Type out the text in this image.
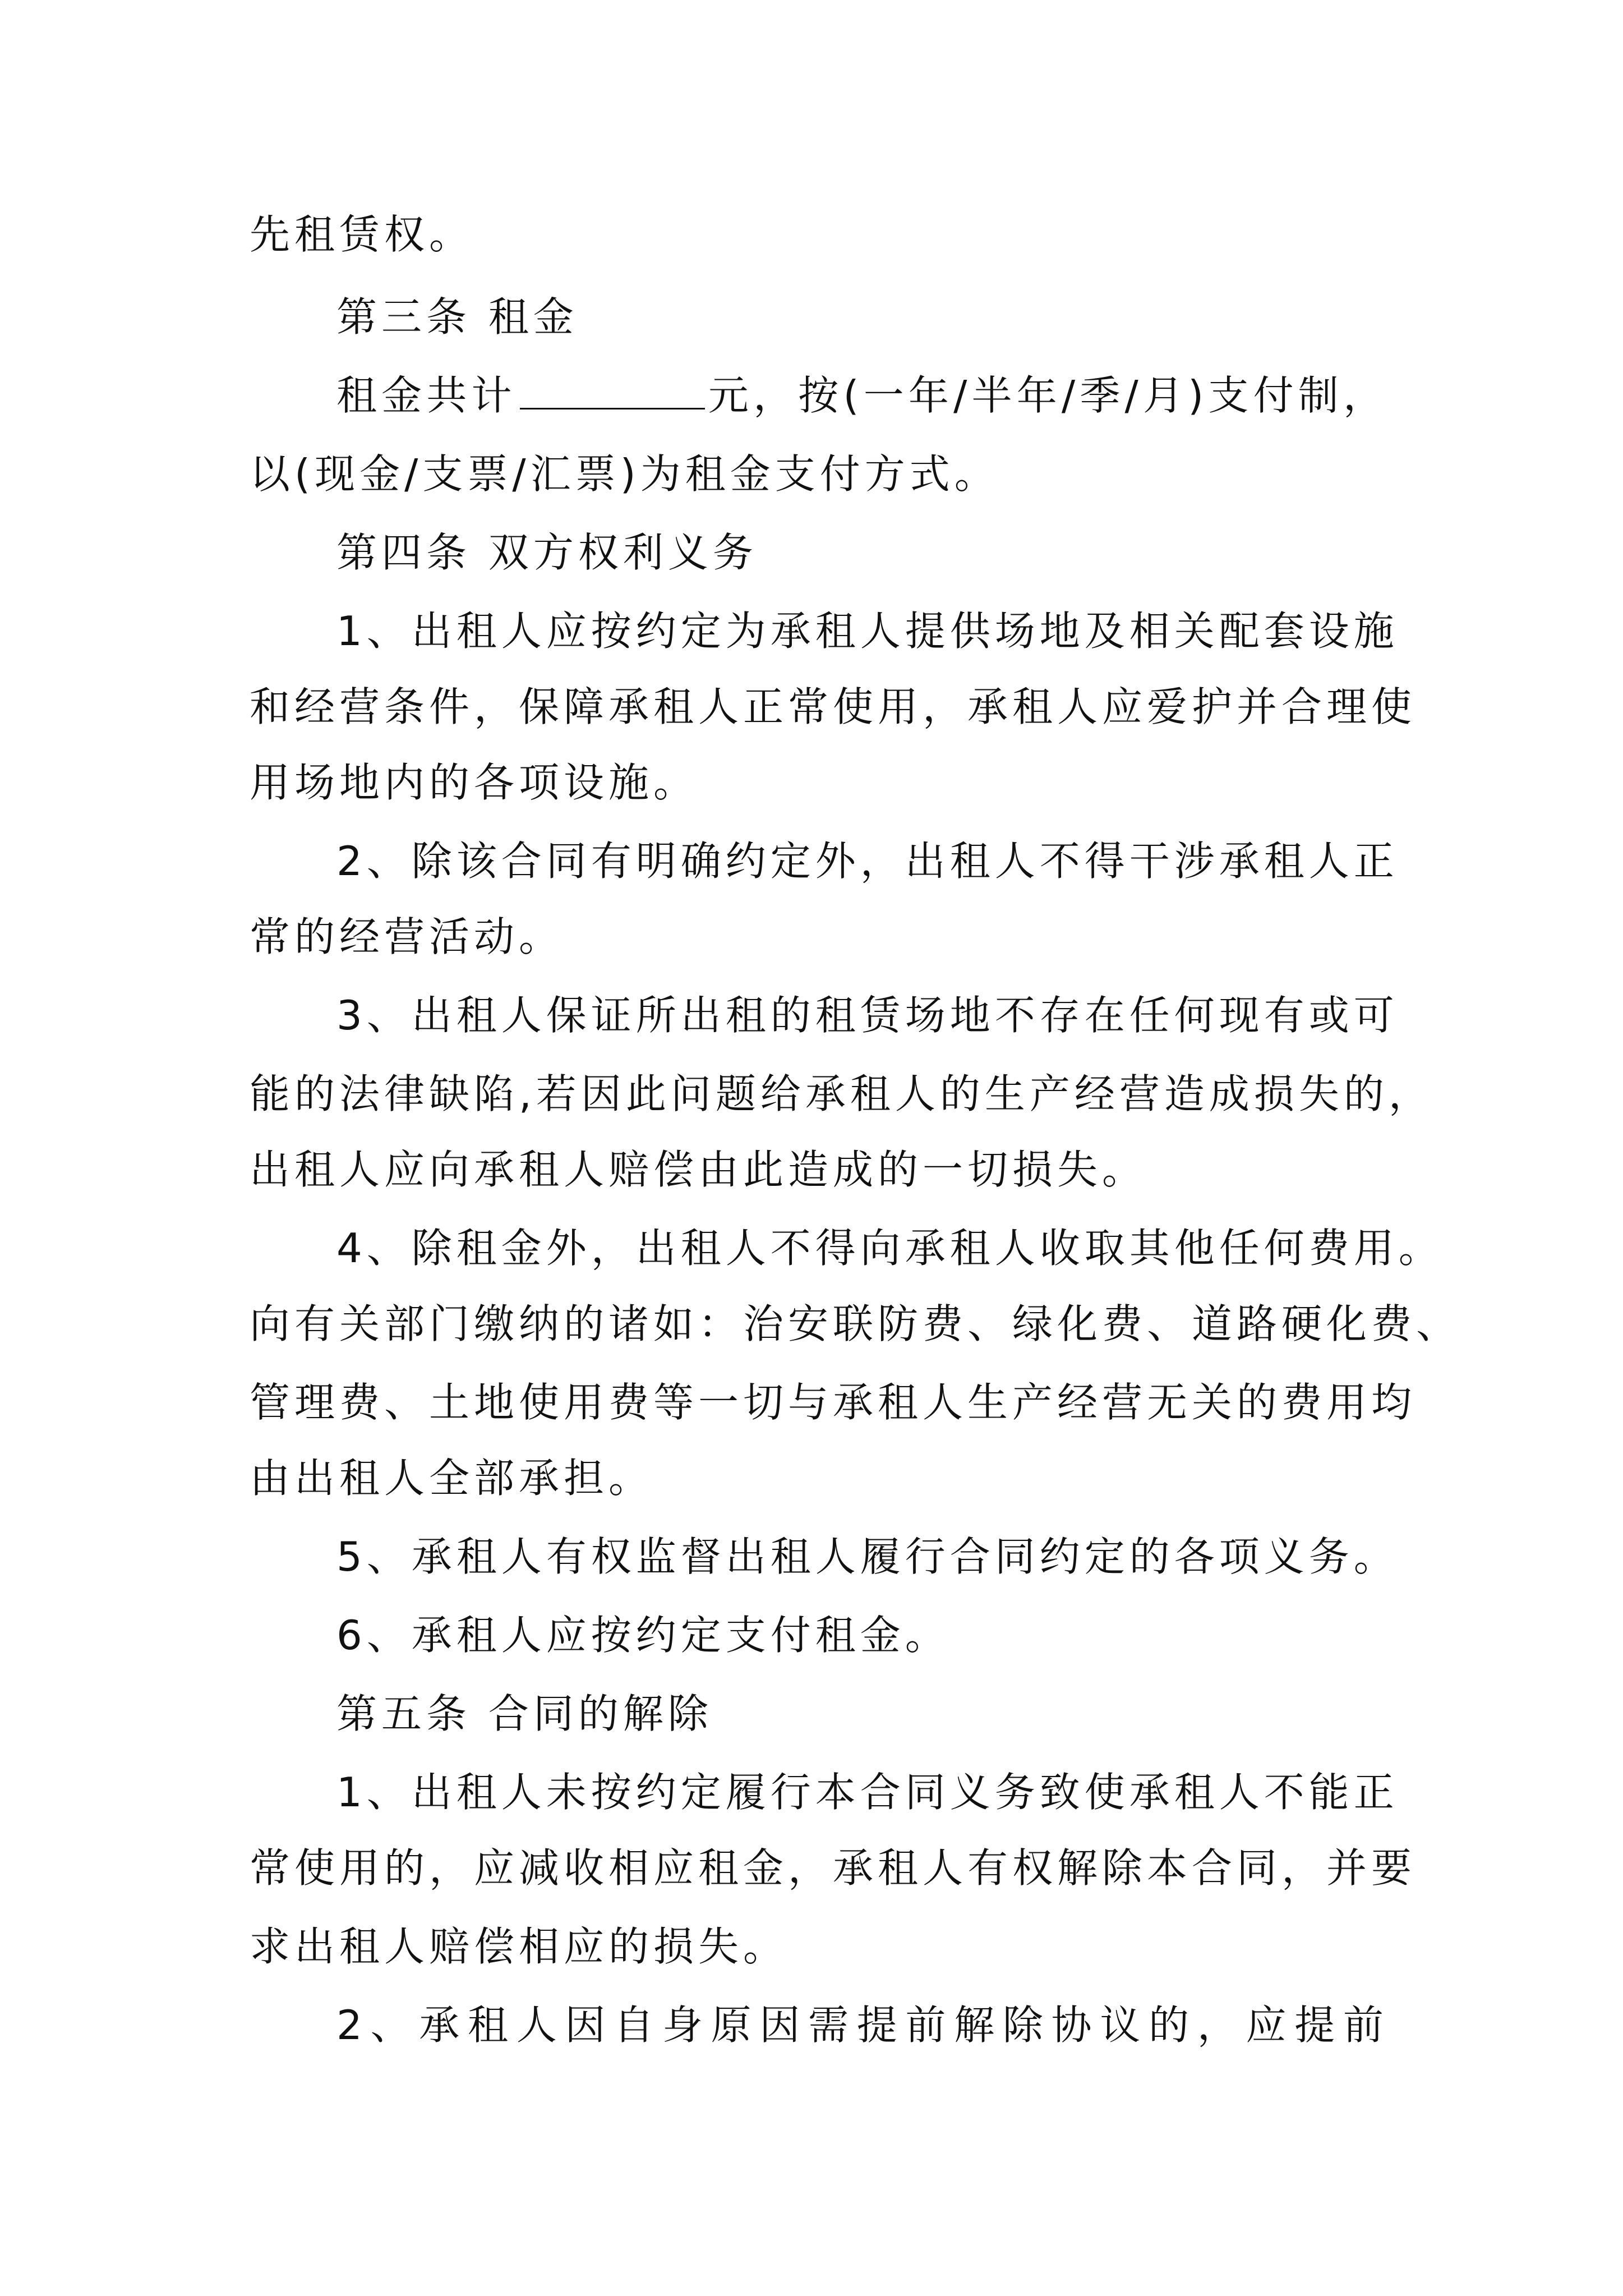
先租赁权。
第三条 租金
租金共计	元，按(一年/半年/季/月)支付制，
以(现金/支票/汇票)为租金支付方式。
第四条 双方权利义务
1、出租人应按约定为承租人提供场地及相关配套设施
和经营条件，保障承租人正常使用，承租人应爱护并合理使
用场地内的各项设施。
2、除该合同有明确约定外，出租人不得干涉承租人正
常的经营活动。
3、出租人保证所出租的租赁场地不存在任何现有或可
能的法律缺陷,若因此问题给承租人的生产经营造成损失的，
出租人应向承租人赔偿由此造成的一切损失。
4、除租金外，出租人不得向承租人收取其他任何费用。
向有关部门缴纳的诸如：治安联防费、绿化费、道路硬化费、
管理费、土地使用费等一切与承租人生产经营无关的费用均
由出租人全部承担。
5、承租人有权监督出租人履行合同约定的各项义务。
6、承租人应按约定支付租金。
第五条 合同的解除
1、出租人未按约定履行本合同义务致使承租人不能正
常使用的，应减收相应租金，承租人有权解除本合同，并要
求出租人赔偿相应的损失。
2、承租人因自身原因需提前解除协议的，应提前
